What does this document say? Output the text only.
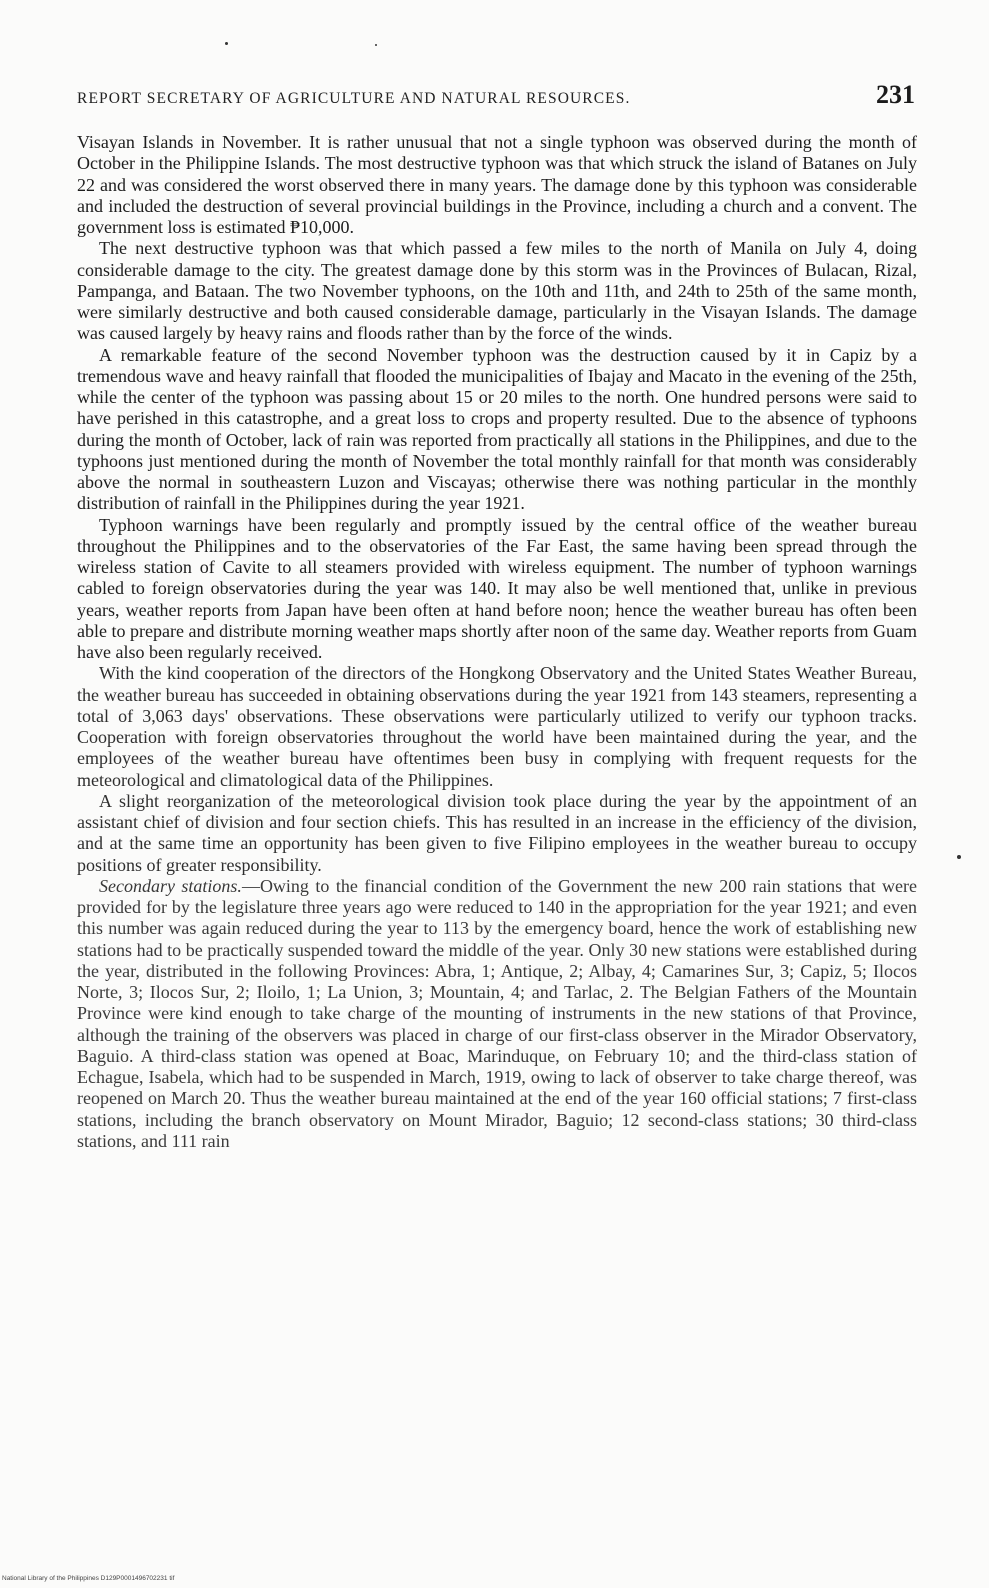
REPORT SECRETARY OF AGRICULTURE AND NATURAL RESOURCES.	231

Visayan Islands in November. It is rather unusual that not a single typhoon was observed during the month of October in the Philippine Islands. The most destructive typhoon was that which struck the island of Batanes on July 22 and was considered the worst observed there in many years. The damage done by this typhoon was considerable and included the destruction of several provincial buildings in the Province, including a church and a convent. The government loss is estimated ₱10,000.

The next destructive typhoon was that which passed a few miles to the north of Manila on July 4, doing considerable damage to the city. The greatest damage done by this storm was in the Provinces of Bulacan, Rizal, Pampanga, and Bataan. The two November typhoons, on the 10th and 11th, and 24th to 25th of the same month, were similarly destructive and both caused considerable damage, particularly in the Visayan Islands. The damage was caused largely by heavy rains and floods rather than by the force of the winds.

A remarkable feature of the second November typhoon was the destruction caused by it in Capiz by a tremendous wave and heavy rainfall that flooded the municipalities of Ibajay and Macato in the evening of the 25th, while the center of the typhoon was passing about 15 or 20 miles to the north. One hundred persons were said to have perished in this catastrophe, and a great loss to crops and property resulted. Due to the absence of typhoons during the month of October, lack of rain was reported from practically all stations in the Philippines, and due to the typhoons just mentioned during the month of November the total monthly rainfall for that month was considerably above the normal in southeastern Luzon and Viscayas; otherwise there was nothing particular in the monthly distribution of rainfall in the Philippines during the year 1921.

Typhoon warnings have been regularly and promptly issued by the central office of the weather bureau throughout the Philippines and to the observatories of the Far East, the same having been spread through the wireless station of Cavite to all steamers provided with wireless equipment. The number of typhoon warnings cabled to foreign observatories during the year was 140. It may also be well mentioned that, unlike in previous years, weather reports from Japan have been often at hand before noon; hence the weather bureau has often been able to prepare and distribute morning weather maps shortly after noon of the same day. Weather reports from Guam have also been regularly received.

With the kind cooperation of the directors of the Hongkong Observatory and the United States Weather Bureau, the weather bureau has succeeded in obtaining observations during the year 1921 from 143 steamers, representing a total of 3,063 days' observations. These observations were particularly utilized to verify our typhoon tracks. Cooperation with foreign observatories throughout the world have been maintained during the year, and the employees of the weather bureau have oftentimes been busy in complying with frequent requests for the meteorological and climatological data of the Philippines.

A slight reorganization of the meteorological division took place during the year by the appointment of an assistant chief of division and four section chiefs. This has resulted in an increase in the efficiency of the division, and at the same time an opportunity has been given to five Filipino employees in the weather bureau to occupy positions of greater responsibility.

Secondary stations.—Owing to the financial condition of the Government the new 200 rain stations that were provided for by the legislature three years ago were reduced to 140 in the appropriation for the year 1921; and even this number was again reduced during the year to 113 by the emergency board, hence the work of establishing new stations had to be practically suspended toward the middle of the year. Only 30 new stations were established during the year, distributed in the following Provinces: Abra, 1; Antique, 2; Albay, 4; Camarines Sur, 3; Capiz, 5; Ilocos Norte, 3; Ilocos Sur, 2; Iloilo, 1; La Union, 3; Mountain, 4; and Tarlac, 2. The Belgian Fathers of the Mountain Province were kind enough to take charge of the mounting of instruments in the new stations of that Province, although the training of the observers was placed in charge of our first-class observer in the Mirador Observatory, Baguio. A third-class station was opened at Boac, Marinduque, on February 10; and the third-class station of Echague, Isabela, which had to be suspended in March, 1919, owing to lack of observer to take charge thereof, was reopened on March 20. Thus the weather bureau maintained at the end of the year 160 official stations; 7 first-class stations, including the branch observatory on Mount Mirador, Baguio; 12 second-class stations; 30 third-class stations, and 111 rain

National Library of the Philippines D129P0001496702231 tif
